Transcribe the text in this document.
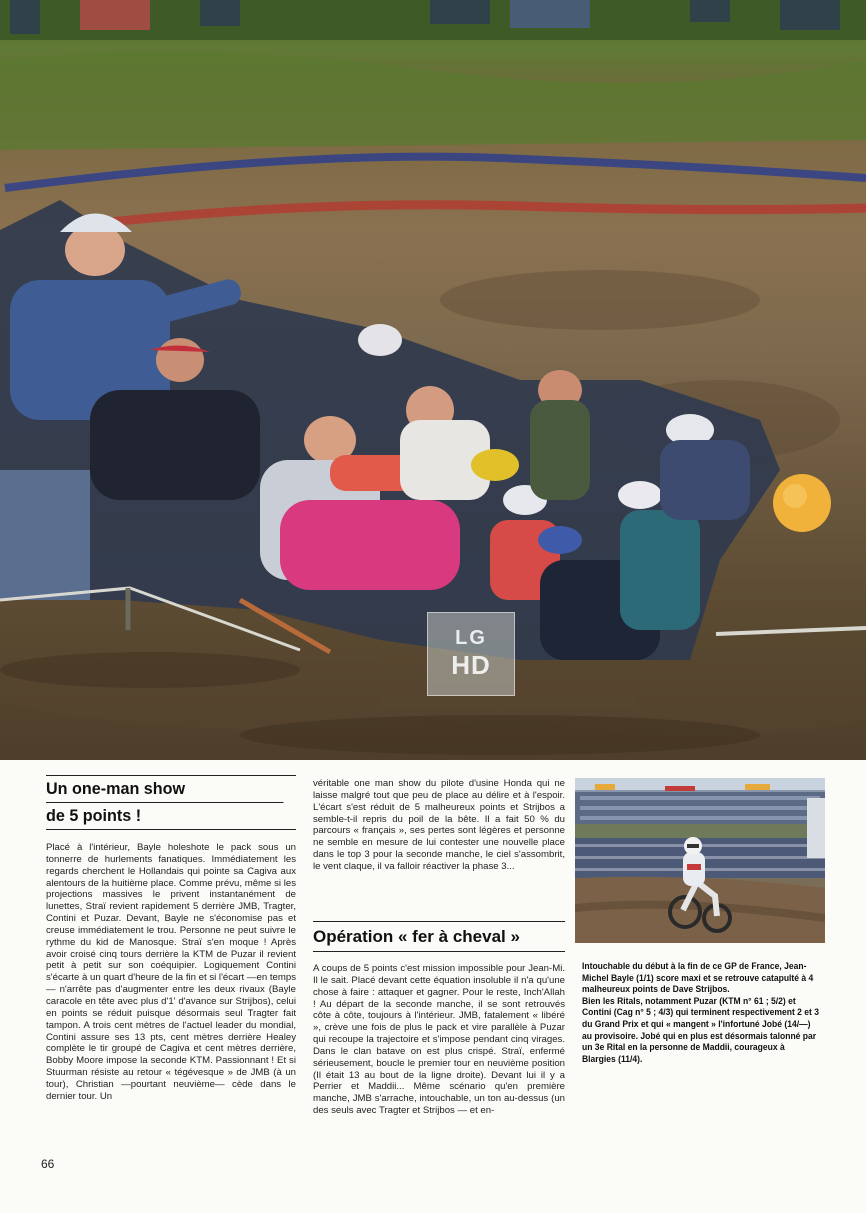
LG
HD
Un one-man show
de 5 points !

Placé à l'intérieur, Bayle holeshote le pack sous un tonnerre de hurlements fanatiques. Immédiatement les regards cherchent le Hollandais qui pointe sa Cagiva aux alentours de la huitième place. Comme prévu, même si les projections massives le privent instantanément de lunettes, Straï revient rapidement 5 derrière JMB, Tragter, Contini et Puzar. Devant, Bayle ne s'économise pas et creuse immédiatement le trou. Personne ne peut suivre le rythme du kid de Manosque. Straï s'en moque ! Après avoir croisé cinq tours derrière la KTM de Puzar il revient petit à petit sur son coéquipier. Logiquement Contini s'écarte à un quart d'heure de la fin et si l'écart —en temps— n'arrête pas d'augmenter entre les deux rivaux (Bayle caracole en tête avec plus d'1' d'avance sur Strijbos), celui en points se réduit puisque désormais seul Tragter fait tampon. A trois cent mètres de l'actuel leader du mondial, Contini assure ses 13 pts, cent mètres derrière Healey complète le tir groupé de Cagiva et cent mètres derrière, Bobby Moore impose la seconde KTM. Passionnant ! Et si Stuurman résiste au retour « tégévesque » de JMB (à un tour), Christian —pourtant neuvième— cède dans le dernier tour. Un

véritable one man show du pilote d'usine Honda qui ne laisse malgré tout que peu de place au délire et à l'espoir. L'écart s'est réduit de 5 malheureux points et Strijbos a semble-t-il repris du poil de la bête. Il a fait 50 % du parcours « français », ses pertes sont légères et personne ne semble en mesure de lui contester une nouvelle place dans le top 3 pour la seconde manche, le ciel s'assombrit, le vent claque, il va falloir réactiver la phase 3...

Opération « fer à cheval »

A coups de 5 points c'est mission impossible pour Jean-Mi. Il le sait. Placé devant cette équation insoluble il n'a qu'une chose à faire : attaquer et gagner. Pour le reste, Inch'Allah ! Au départ de la seconde manche, il se sont retrouvés côte à côte, toujours à l'intérieur. JMB, fatalement « libéré », crève une fois de plus le pack et vire parallèle à Puzar qui recoupe la trajectoire et s'impose pendant cinq virages. Dans le clan batave on est plus crispé. Straï, enfermé sérieusement, boucle le premier tour en neuvième position (Il était 13 au bout de la ligne droite). Devant lui il y a Perrier et Maddii... Même scénario qu'en première manche, JMB s'arrache, intouchable, un ton au-dessus (un des seuls avec Tragter et Strijbos — et en-

Intouchable du début à la fin de ce GP de France, Jean-Michel Bayle (1/1) score maxi et se retrouve catapulté à 4 malheureux points de Dave Strijbos.

Bien les Ritals, notamment Puzar (KTM n° 61 ; 5/2) et Contini (Cag n° 5 ; 4/3) qui terminent respectivement 2 et 3 du Grand Prix et qui « mangent » l'infortuné Jobé (14/—) au provisoire. Jobé qui en plus est désormais talonné par un 3e Rital en la personne de Maddii, courageux à Blargies (11/4).

66
